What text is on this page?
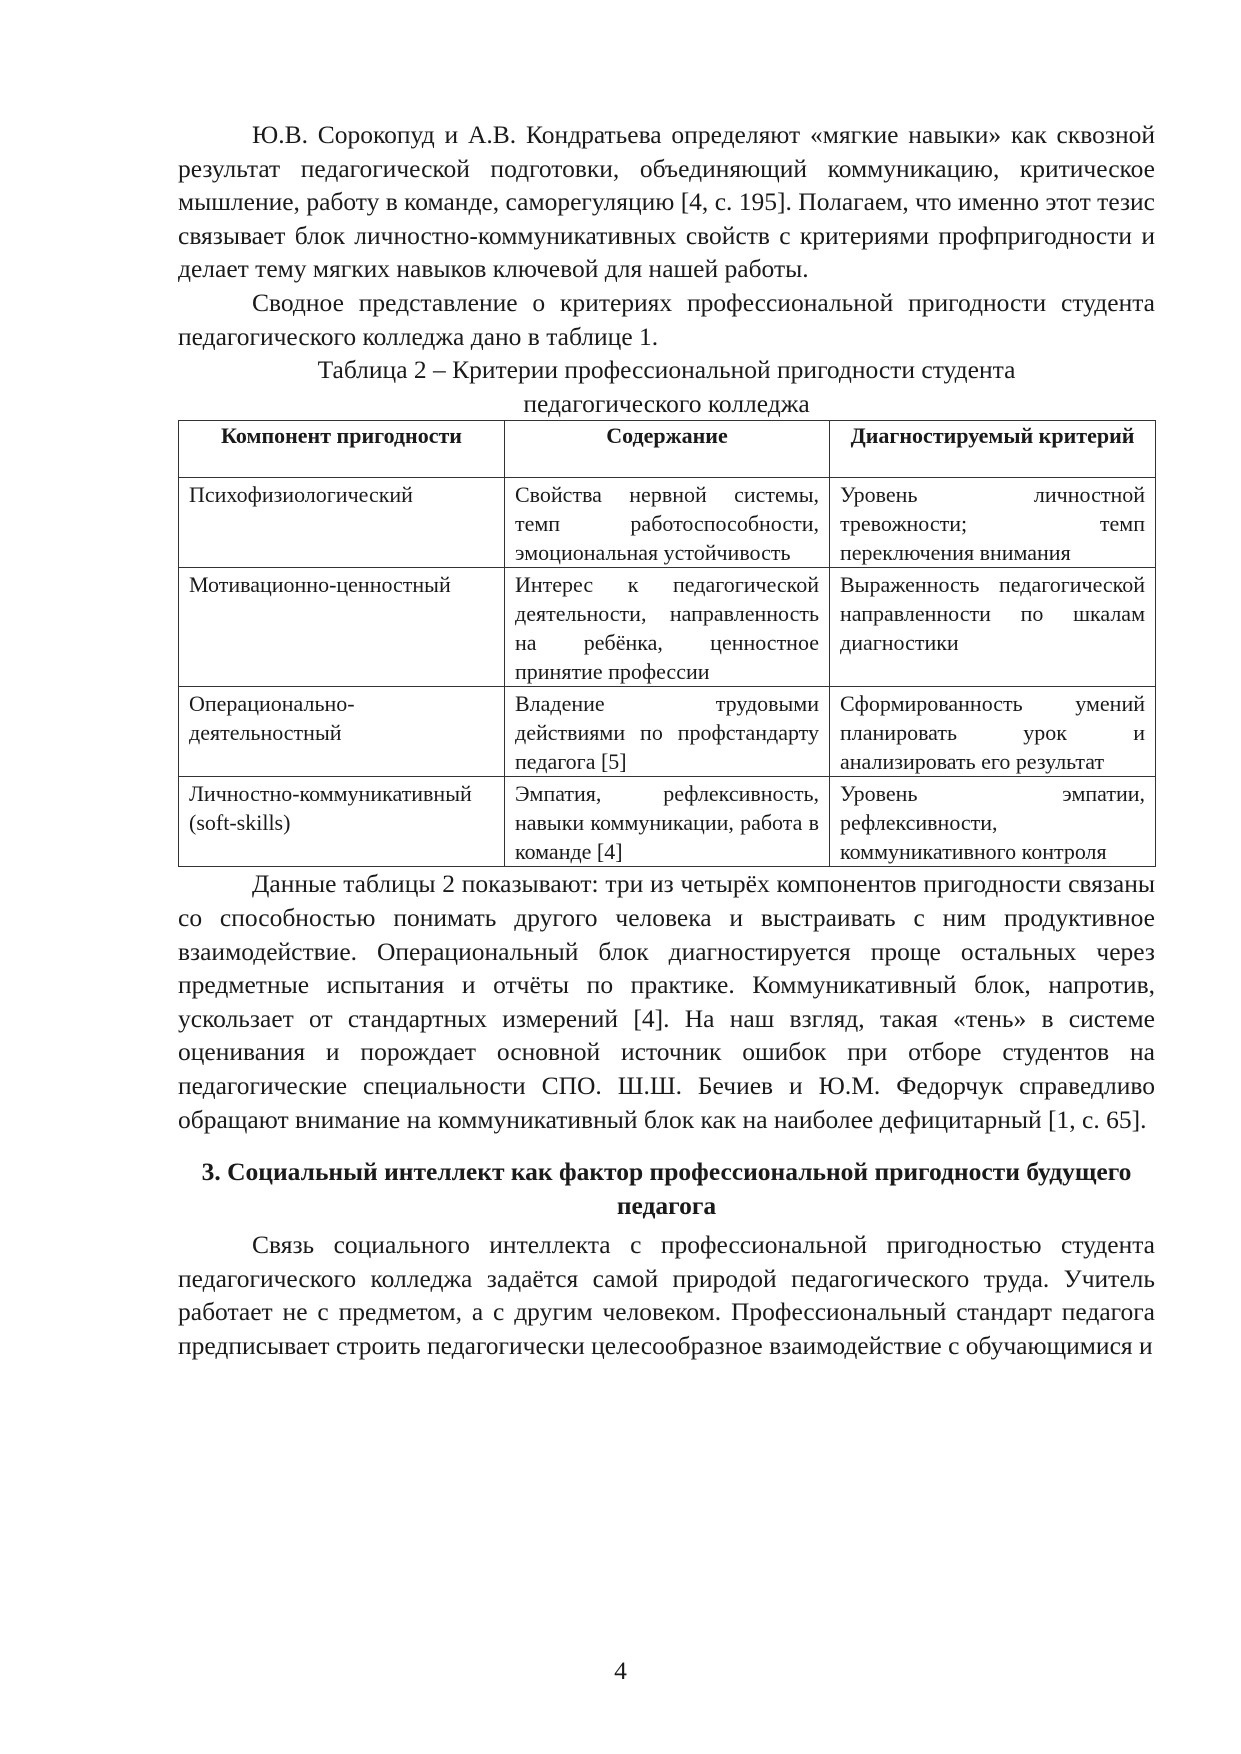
Ю.В. Сорокопуд и А.В. Кондратьева определяют «мягкие навыки» как сквозной результат педагогической подготовки, объединяющий коммуникацию, критическое мышление, работу в команде, саморегуляцию [4, с. 195]. Полагаем, что именно этот тезис связывает блок личностно-коммуникативных свойств с критериями профпригодности и делает тему мягких навыков ключевой для нашей работы.

Сводное представление о критериях профессиональной пригодности студента педагогического колледжа дано в таблице 1.

Таблица 2 – Критерии профессиональной пригодности студента педагогического колледжа

Компонент пригодности	Содержание	Диагностируемый критерий
Психофизиологический	Свойства нервной системы, темп работоспособности, эмоциональная устойчивость	Уровень личностной тревожности; темп переключения внимания
Мотивационно-ценностный	Интерес к педагогической деятельности, направленность на ребёнка, ценностное принятие профессии	Выраженность педагогической направленности по шкалам диагностики
Операционально-деятельностный	Владение трудовыми действиями по профстандарту педагога [5]	Сформированность умений планировать урок и анализировать его результат
Личностно-коммуникативный (soft-skills)	Эмпатия, рефлексивность, навыки коммуникации, работа в команде [4]	Уровень эмпатии, рефлексивности, коммуникативного контроля

Данные таблицы 2 показывают: три из четырёх компонентов пригодности связаны со способностью понимать другого человека и выстраивать с ним продуктивное взаимодействие. Операциональный блок диагностируется проще остальных через предметные испытания и отчёты по практике. Коммуникативный блок, напротив, ускользает от стандартных измерений [4]. На наш взгляд, такая «тень» в системе оценивания и порождает основной источник ошибок при отборе студентов на педагогические специальности СПО. Ш.Ш. Бечиев и Ю.М. Федорчук справедливо обращают внимание на коммуникативный блок как на наиболее дефицитарный [1, с. 65].

3. Социальный интеллект как фактор профессиональной пригодности будущего педагога

Связь социального интеллекта с профессиональной пригодностью студента педагогического колледжа задаётся самой природой педагогического труда. Учитель работает не с предметом, а с другим человеком. Профессиональный стандарт педагога предписывает строить педагогически целесообразное взаимодействие с обучающимися и

4
